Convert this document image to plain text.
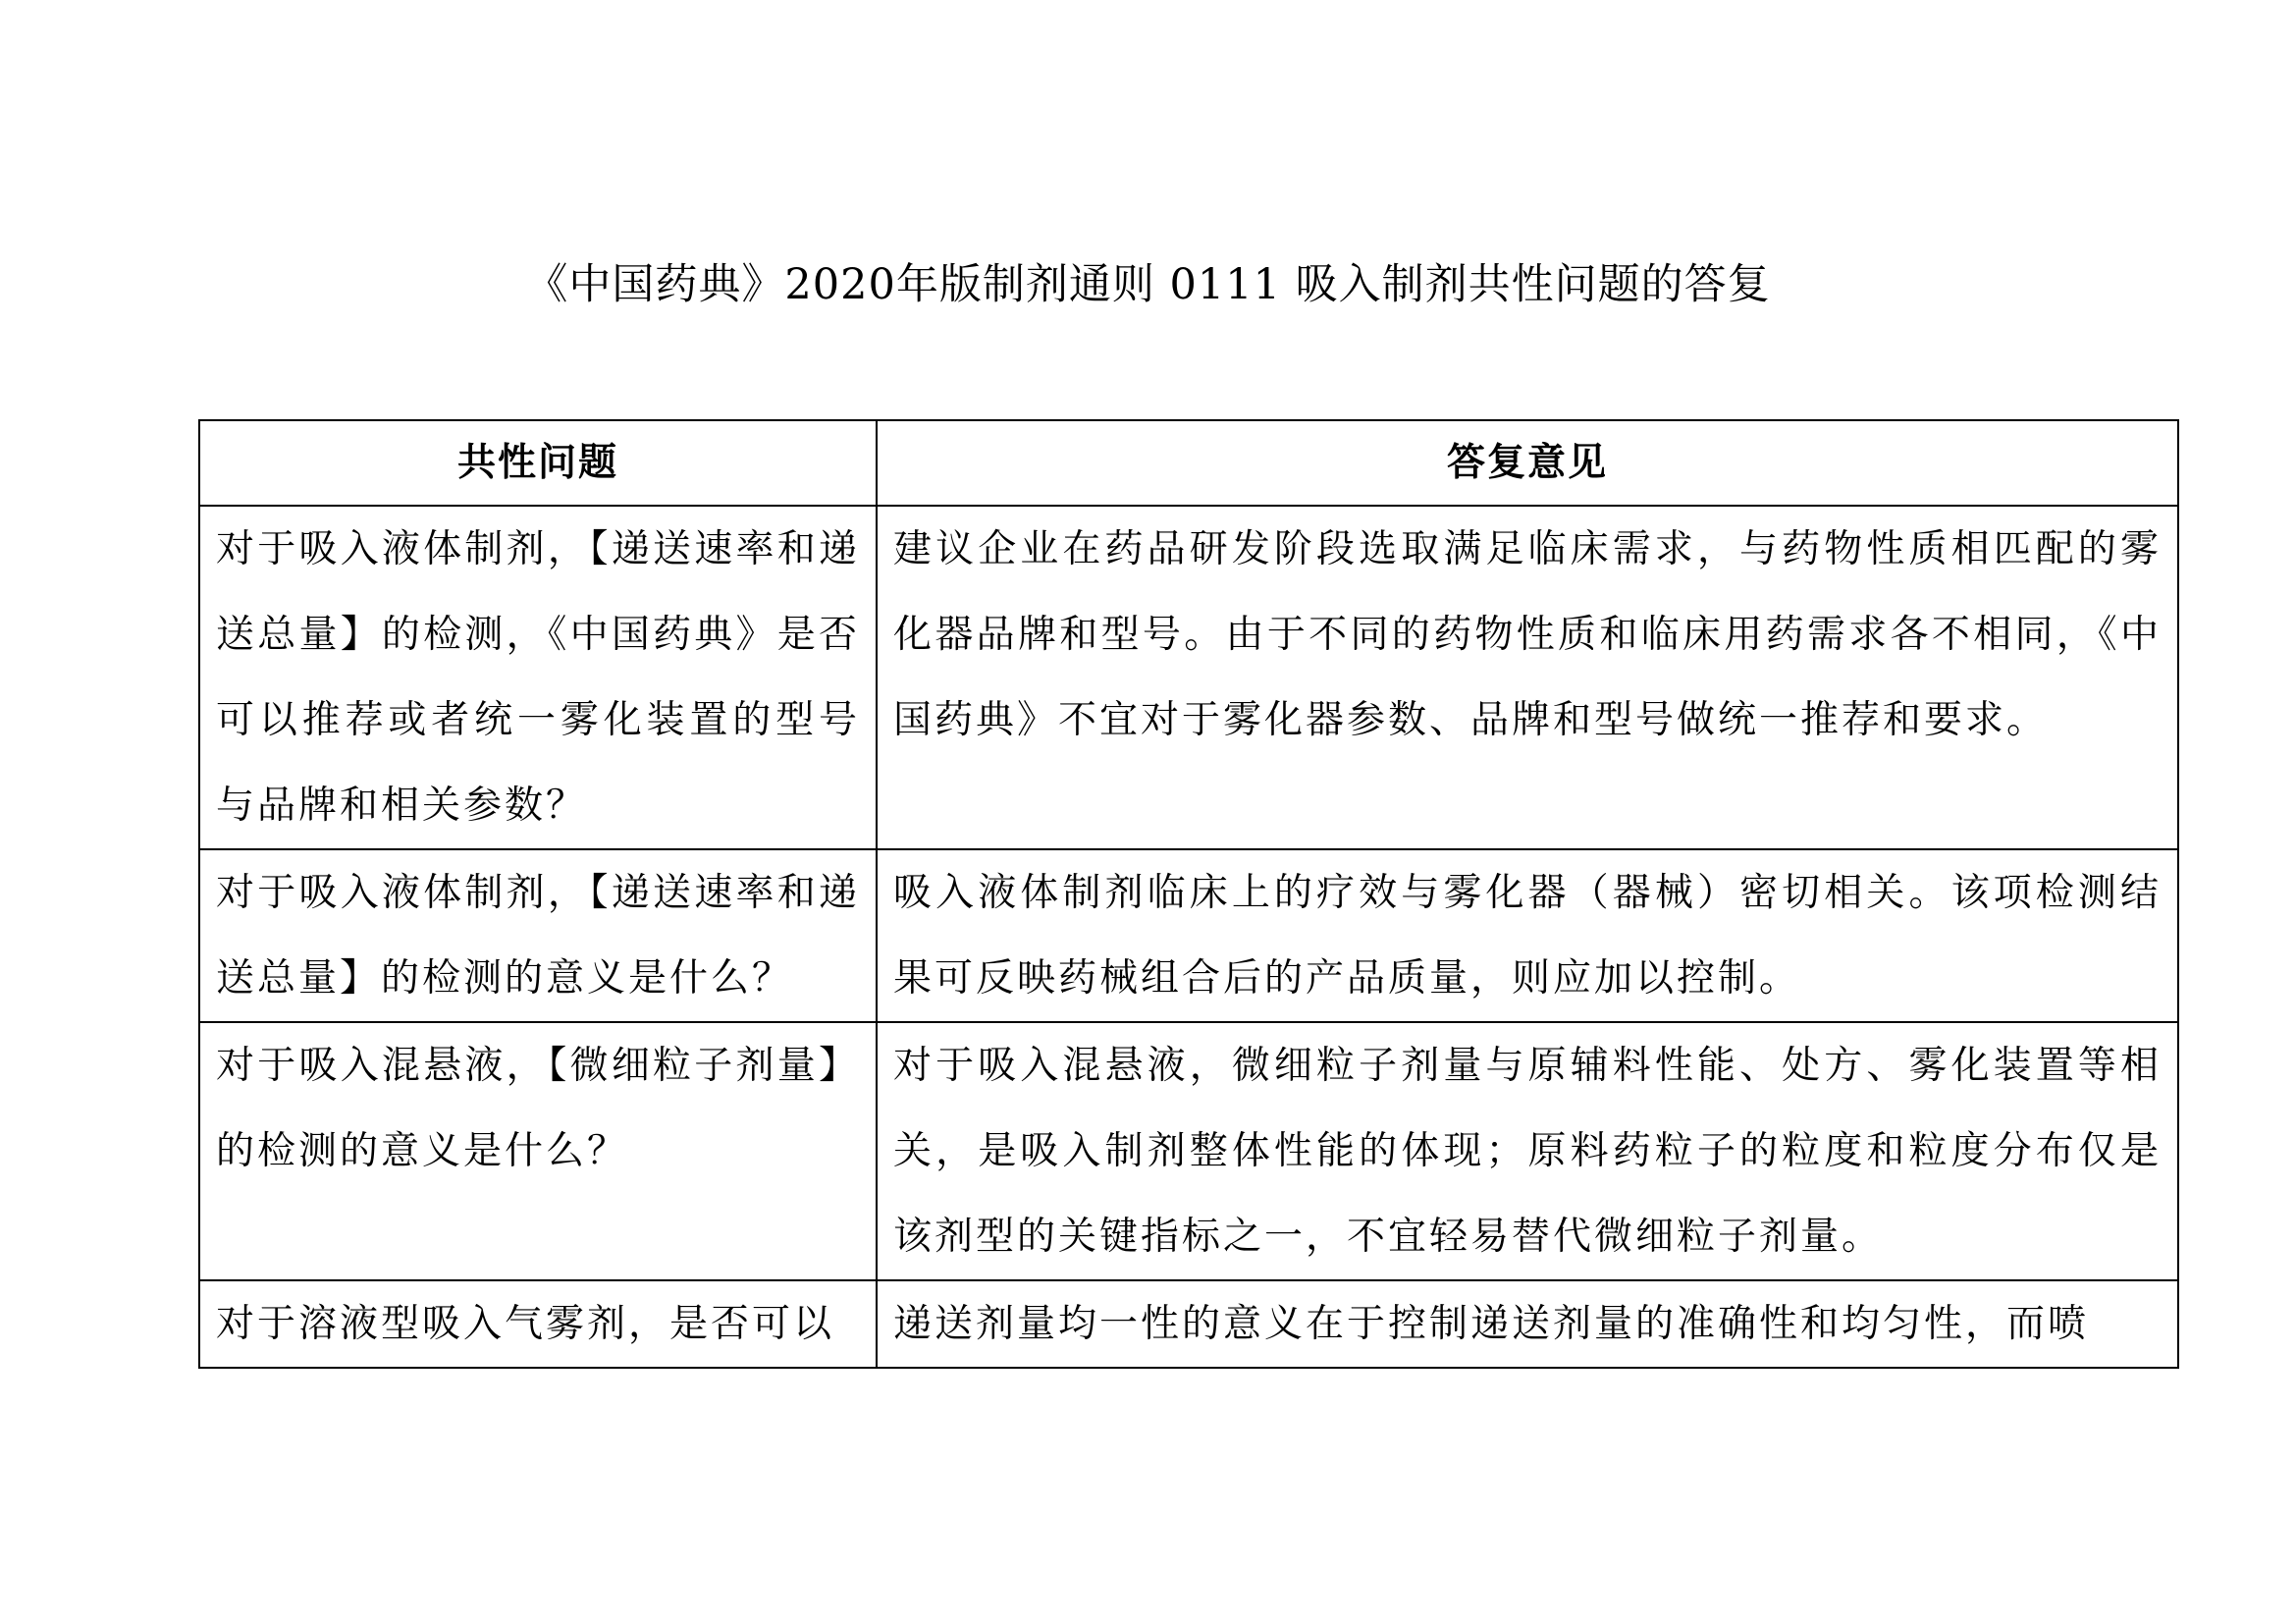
《中国药典》2020年版制剂通则 0111 吸入制剂共性问题的答复
共性问题	答复意见
对于吸入液体制剂，【递送速率和递送总量】的检测，《中国药典》是否可以推荐或者统一雾化装置的型号与品牌和相关参数？	建议企业在药品研发阶段选取满足临床需求，与药物性质相匹配的雾化器品牌和型号。由于不同的药物性质和临床用药需求各不相同，《中国药典》不宜对于雾化器参数、品牌和型号做统一推荐和要求。
对于吸入液体制剂，【递送速率和递送总量】的检测的意义是什么？	吸入液体制剂临床上的疗效与雾化器（器械）密切相关。该项检测结果可反映药械组合后的产品质量，则应加以控制。
对于吸入混悬液，【微细粒子剂量】的检测的意义是什么？	对于吸入混悬液，微细粒子剂量与原辅料性能、处方、雾化装置等相关，是吸入制剂整体性能的体现；原料药粒子的粒度和粒度分布仅是该剂型的关键指标之一，不宜轻易替代微细粒子剂量。

对于溶液型吸入气雾剂，是否可以	递送剂量均一性的意义在于控制递送剂量的准确性和均匀性，而喷
